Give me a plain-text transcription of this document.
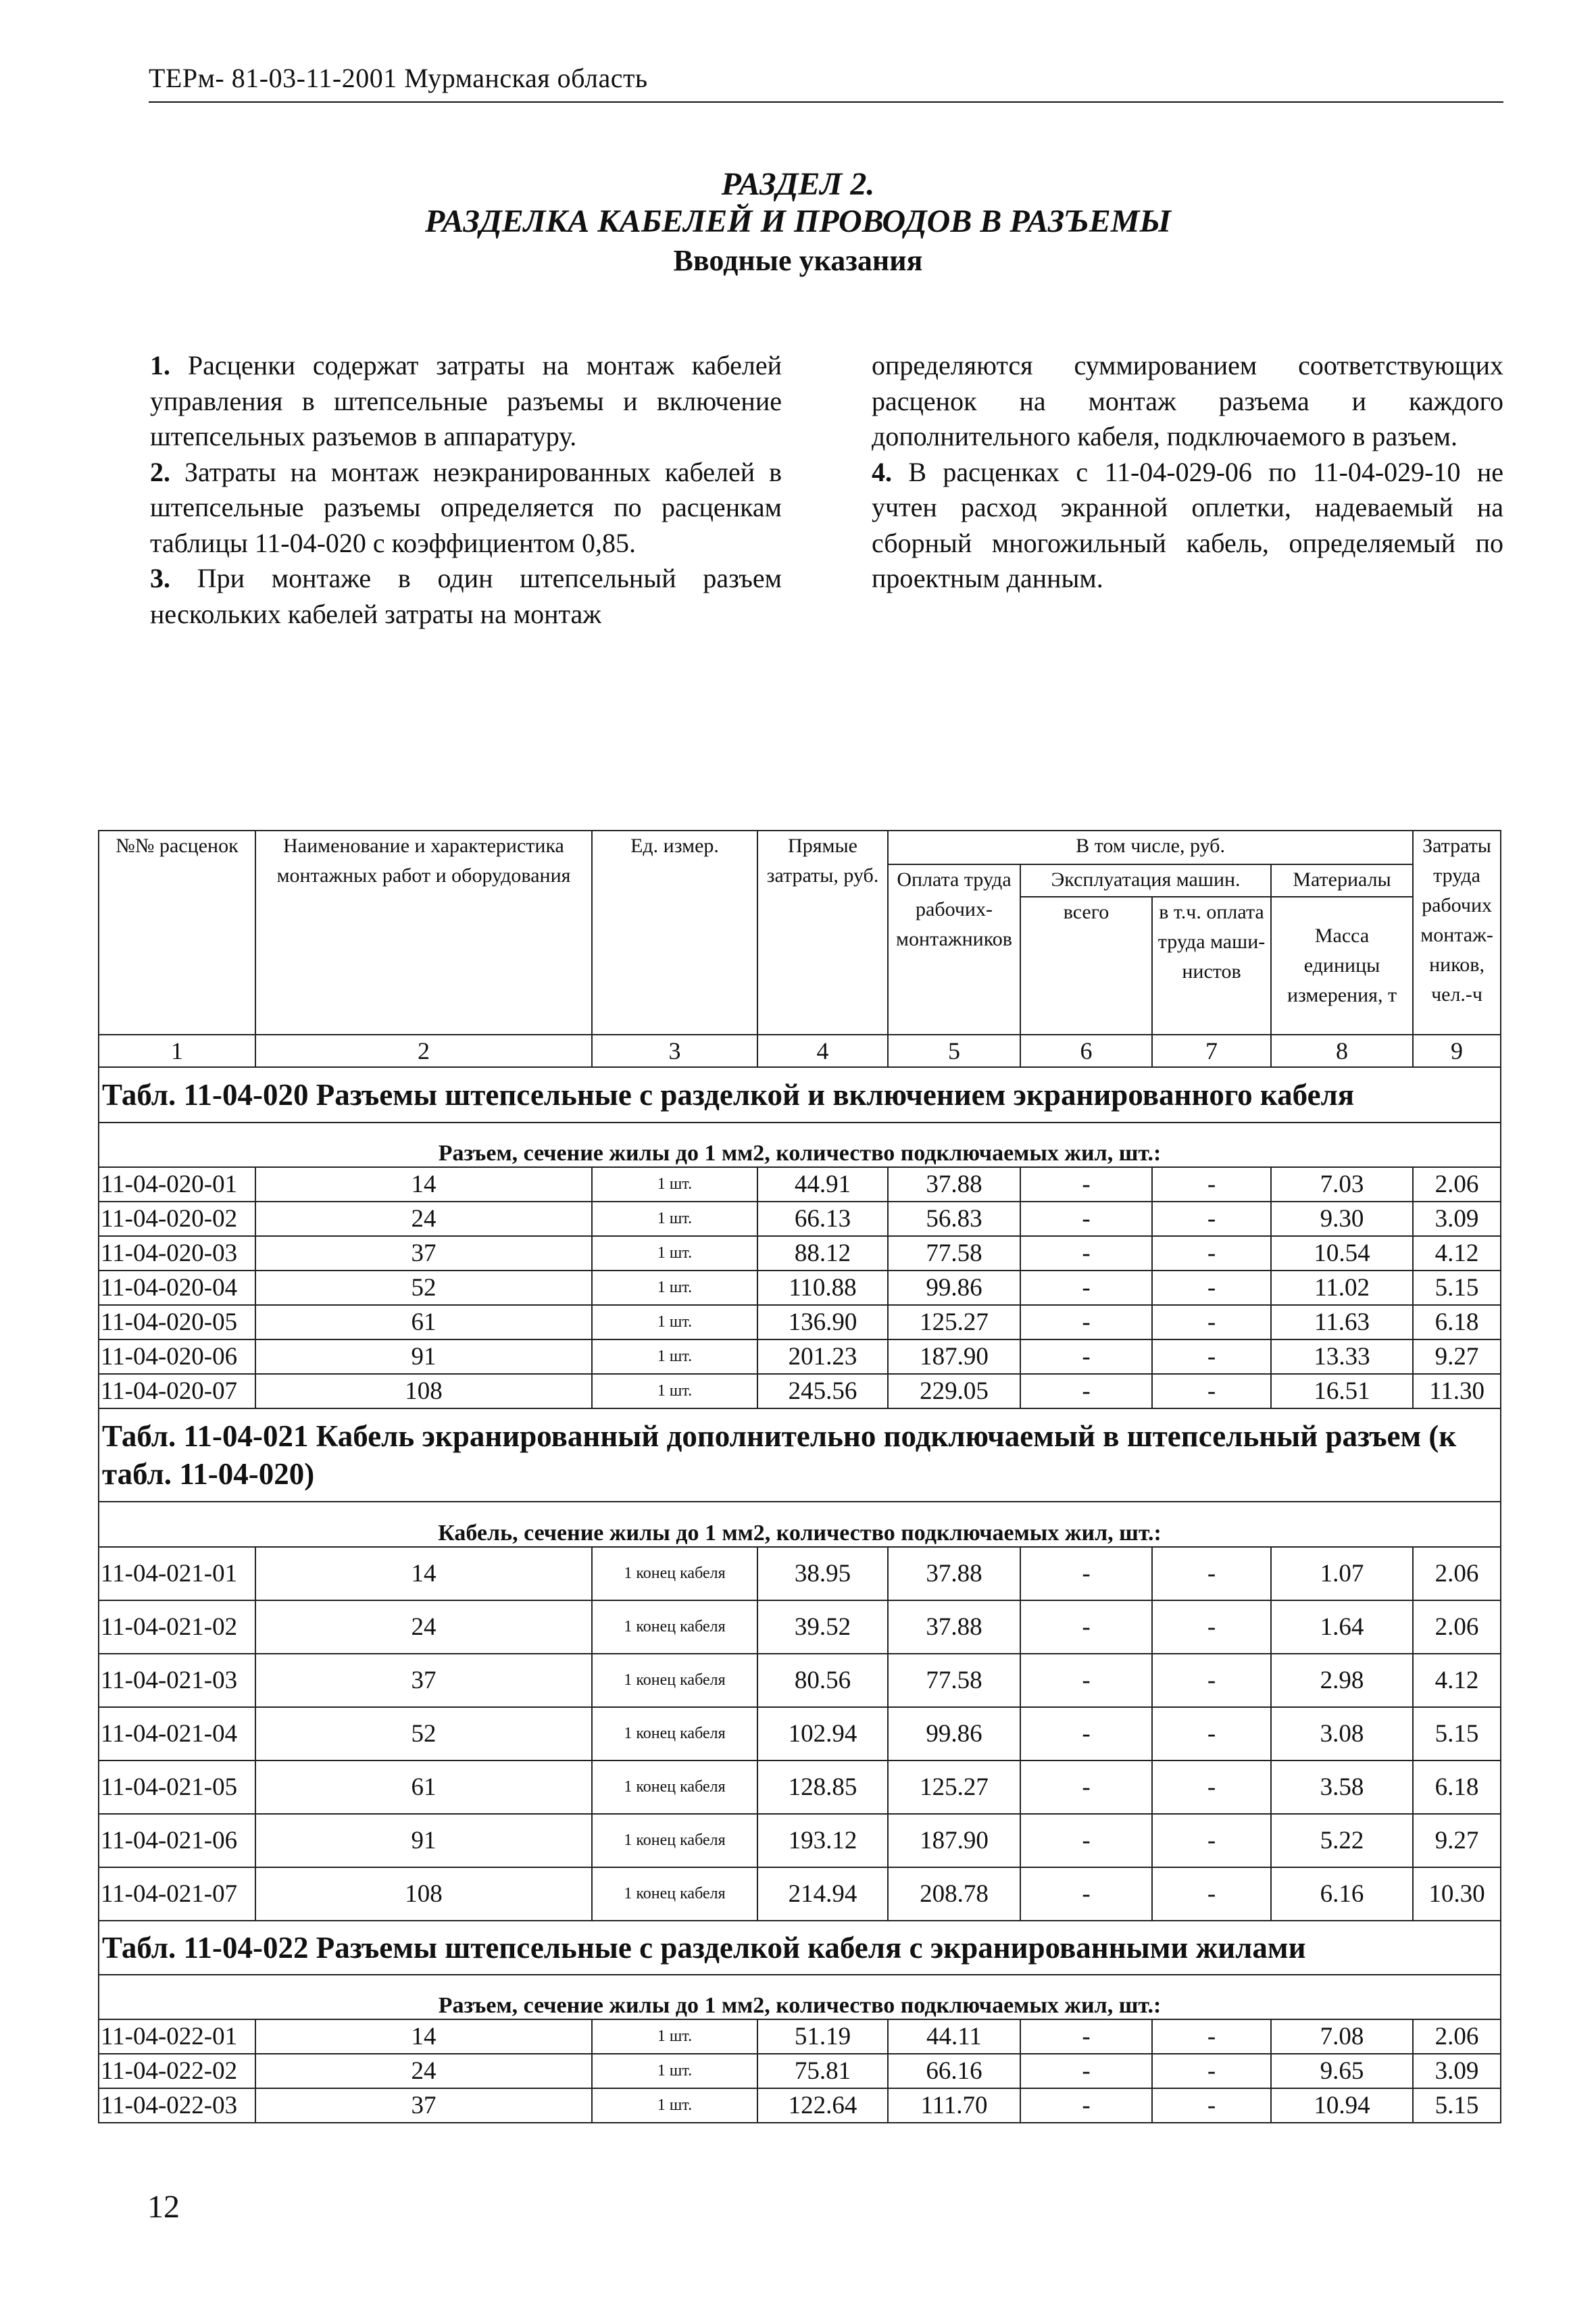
ТЕРм- 81-03-11-2001 Мурманская область
РАЗДЕЛ 2.
РАЗДЕЛКА КАБЕЛЕЙ И ПРОВОДОВ В РАЗЪЕМЫ
Вводные указания

1. Расценки содержат затраты на монтаж кабелей управления в штепсельные разъемы и включение штепсельных разъемов в аппаратуру.

2. Затраты на монтаж неэкранированных кабелей в штепсельные разъемы определяется по расценкам таблицы 11-04-020 с коэффициентом 0,85.

3. При монтаже в один штепсельный разъем нескольких кабелей затраты на монтаж

определяются суммированием соответствующих расценок на монтаж разъема и каждого дополнительного кабеля, подключаемого в разъем.

4. В расценках с 11-04-029-06 по 11-04-029-10 не учтен расход экранной оплетки, надеваемый на сборный многожильный кабель, определяемый по проектным данным.

№№ расценок	Наименование и характеристика монтажных работ и оборудования	Ед. измер.	Прямые затраты, руб.	В том числе, руб.				Затраты труда рабочих монтажников, чел.-ч
				Оплата труда рабочих-монтажников	Эксплуатация машин.		Материалы	
					всего	в т.ч. оплата труда машинистов	Масса единицы измерения, т	
1	2	3	4	5	6	7	8	9
Табл. 11-04-020 Разъемы штепсельные с разделкой и включением экранированного кабеля								
Разъем, сечение жилы до 1 мм2, количество подключаемых жил, шт.:								
11-04-020-01	14	1 шт.	44.91	37.88	-	-	7.03	2.06
11-04-020-02	24	1 шт.	66.13	56.83	-	-	9.30	3.09
11-04-020-03	37	1 шт.	88.12	77.58	-	-	10.54	4.12
11-04-020-04	52	1 шт.	110.88	99.86	-	-	11.02	5.15
11-04-020-05	61	1 шт.	136.90	125.27	-	-	11.63	6.18
11-04-020-06	91	1 шт.	201.23	187.90	-	-	13.33	9.27
11-04-020-07	108	1 шт.	245.56	229.05	-	-	16.51	11.30
Табл. 11-04-021 Кабель экранированный дополнительно подключаемый в штепсельный разъем (к табл. 11-04-020)								
Кабель, сечение жилы до 1 мм2, количество подключаемых жил, шт.:								
11-04-021-01	14	1 конец кабеля	38.95	37.88	-	-	1.07	2.06
11-04-021-02	24	1 конец кабеля	39.52	37.88	-	-	1.64	2.06
11-04-021-03	37	1 конец кабеля	80.56	77.58	-	-	2.98	4.12
11-04-021-04	52	1 конец кабеля	102.94	99.86	-	-	3.08	5.15
11-04-021-05	61	1 конец кабеля	128.85	125.27	-	-	3.58	6.18
11-04-021-06	91	1 конец кабеля	193.12	187.90	-	-	5.22	9.27
11-04-021-07	108	1 конец кабеля	214.94	208.78	-	-	6.16	10.30
Табл. 11-04-022 Разъемы штепсельные с разделкой кабеля с экранированными жилами								
Разъем, сечение жилы до 1 мм2, количество подключаемых жил, шт.:								
11-04-022-01	14	1 шт.	51.19	44.11	-	-	7.08	2.06
11-04-022-02	24	1 шт.	75.81	66.16	-	-	9.65	3.09
11-04-022-03	37	1 шт.	122.64	111.70	-	-	10.94	5.15
12
